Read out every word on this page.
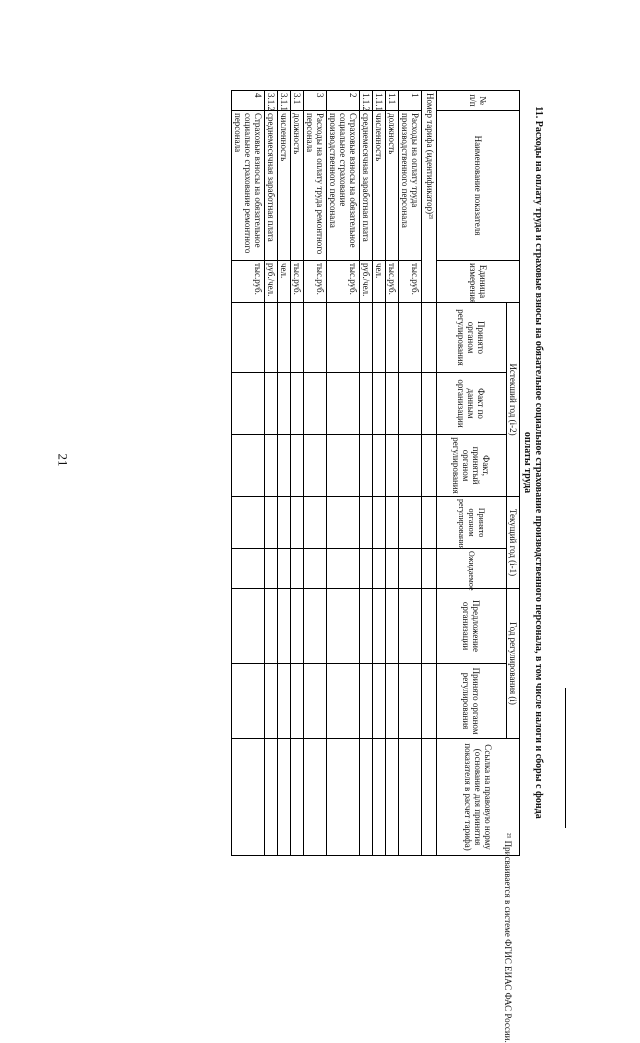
21	11. Расходы на оплату труда и страховые взносы на обязательное социальное страхование производственного персонала, в том числе налоги и сборы с фонда оплаты труда
№ п/п	Наименование показателя	Единица измерения	Истекший год (i-2)			Текущий год (i-1)		Год регулирования (i)		Ссылка на правовую норму (основание для принятия показателя в расчет тарифа)
			Принято органом регулирования	Факт по данным организации	Факт, принятый органом регулирования	Принято органом регулирования	Ожидаемое	Предложение организации	Принято органом регулирования	
Номер тарифа (идентификатор)²¹										
1	Расходы на оплату труда производственного персонала	тыс.руб.								
1.1	должность	тыс.руб.								
1.1.1	численность	чел.								
1.1.2	среднемесячная заработная плата	руб./чел.								
2	Страховые взносы на обязательное социальное страхование производственного персонала	тыс.руб.								
3	Расходы на оплату труда ремонтного персонала	тыс.руб.								
3.1	должность	тыс.руб.								
3.1.1	численность	чел.								
3.1.2	среднемесячная заработная плата	руб./чел.								
4	Страховые взносы на обязательное социальное страхование ремонтного персонала	тыс.руб.								
²¹ Присваивается в системе ФГИС ЕИАС ФАС России.
